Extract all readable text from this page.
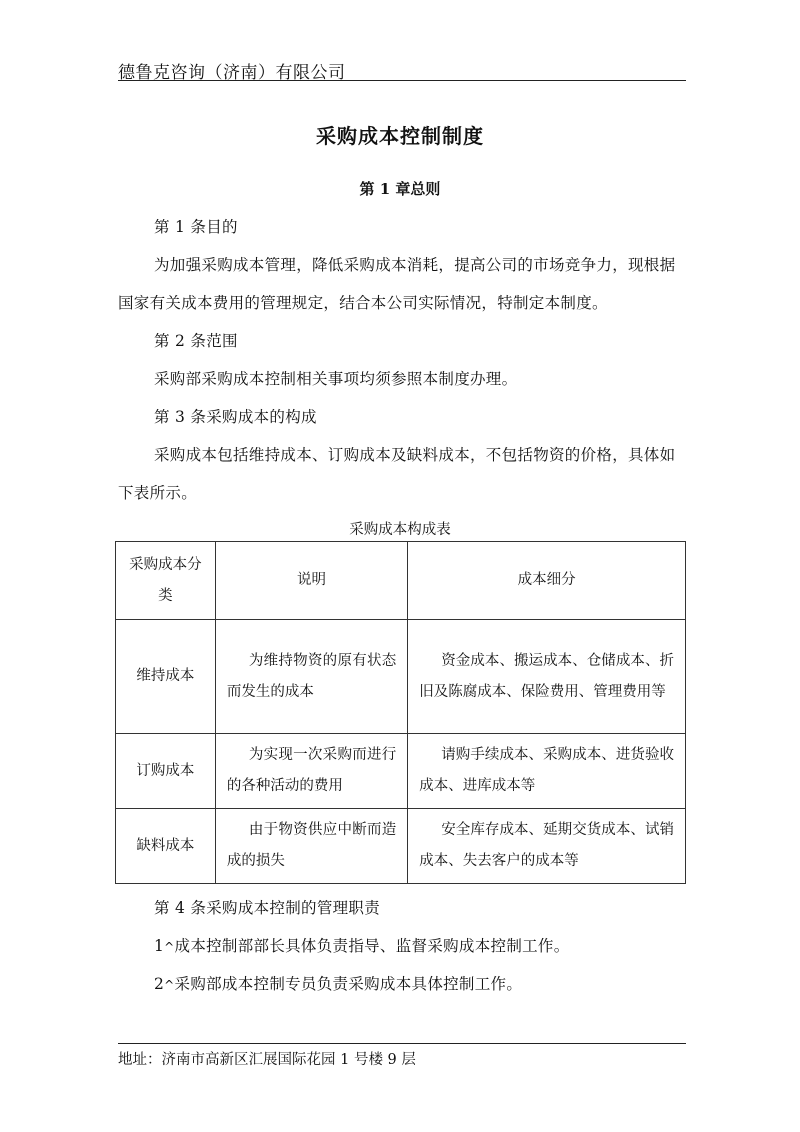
德鲁克咨询（济南）有限公司
采购成本控制制度
第 1 章总则
第 1 条目的
为加强采购成本管理，降低采购成本消耗，提高公司的市场竞争力，现根据国家有关成本费用的管理规定，结合本公司实际情况，特制定本制度。
第 2 条范围
采购部采购成本控制相关事项均须参照本制度办理。
第 3 条采购成本的构成
采购成本包括维持成本、订购成本及缺料成本，不包括物资的价格，具体如下表所示。
采购成本构成表
采购成本分类	说明	成本细分
维持成本	为维持物资的原有状态而发生的成本	资金成本、搬运成本、仓储成本、折旧及陈腐成本、保险费用、管理费用等

订购成本	为实现一次采购而进行的各种活动的费用	请购手续成本、采购成本、进货验收成本、进库成本等

缺料成本	由于物资供应中断而造成的损失	安全库存成本、延期交货成本、试销成本、失去客户的成本等
第 4 条采购成本控制的管理职责
1^成本控制部部长具体负责指导、监督采购成本控制工作。
2^采购部成本控制专员负责采购成本具体控制工作。
地址：济南市高新区汇展国际花园 1 号楼 9 层
